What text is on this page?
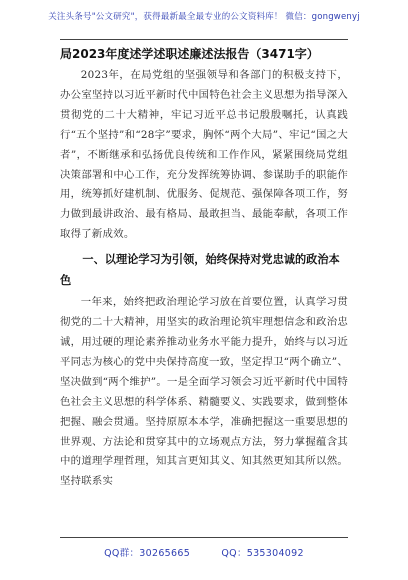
关注头条号"公文研究"，获得最新最全最专业的公文资料库！ 微信：gongwenyj
局2023年度述学述职述廉述法报告（3471字）

2023年，在局党组的坚强领导和各部门的积极支持下，办公室坚持以习近平新时代中国特色社会主义思想为指导深入贯彻党的二十大精神，牢记习近平总书记殷殷嘱托，认真践行“五个坚持”和“28字”要求，胸怀“两个大局”、牢记“国之大者”，不断继承和弘扬优良传统和工作作风，紧紧围绕局党组决策部署和中心工作，充分发挥统筹协调、参谋助手的职能作用，统筹抓好建机制、优服务、促规范、强保障各项工作，努力做到最讲政治、最有格局、最敢担当、最能奉献，各项工作取得了新成效。

一、以理论学习为引领，始终保持对党忠诚的政治本色

一年来，始终把政治理论学习放在首要位置，认真学习贯彻党的二十大精神，用坚实的政治理论筑牢理想信念和政治忠诚，用过硬的理论素养推动业务水平能力提升，始终与以习近平同志为核心的党中央保持高度一致，坚定捍卫“两个确立”、坚决做到“两个维护”。一是全面学习领会习近平新时代中国特色社会主义思想的科学体系、精髓要义、实践要求，做到整体把握、融会贯通。坚持原原本本学，准确把握这一重要思想的世界观、方法论和贯穿其中的立场观点方法，努力掌握蕴含其中的道理学理哲理，知其言更知其义、知其然更知其所以然。坚持联系实

QQ群：30265665	QQ：535304092
